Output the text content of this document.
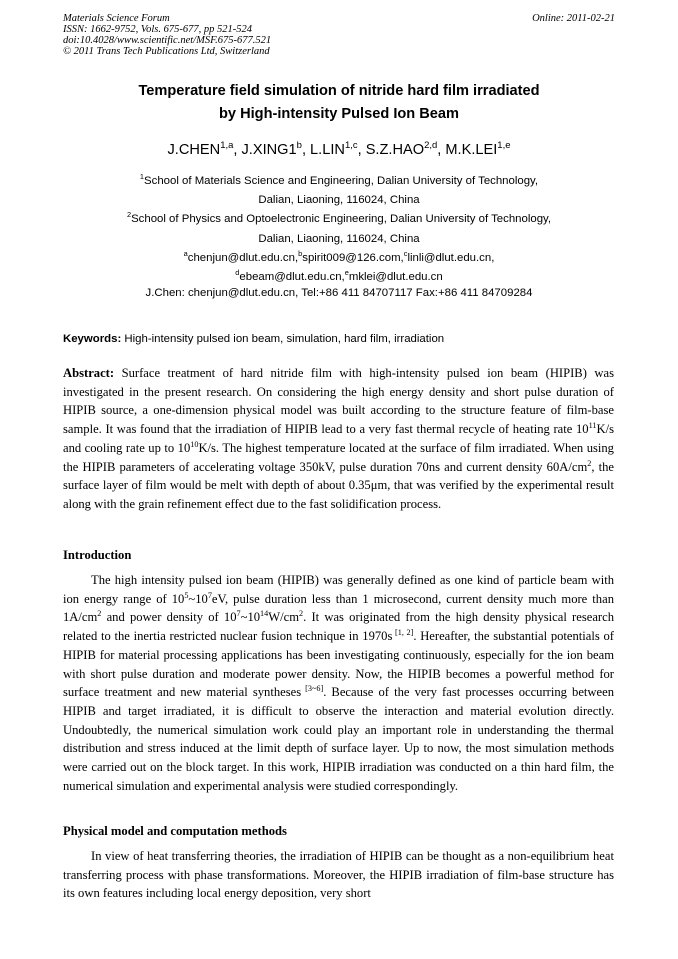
Materials Science Forum
ISSN: 1662-9752, Vols. 675-677, pp 521-524
doi:10.4028/www.scientific.net/MSF.675-677.521
© 2011 Trans Tech Publications Ltd, Switzerland
Online: 2011-02-21
Temperature field simulation of nitride hard film irradiated
by High-intensity Pulsed Ion Beam
J.CHEN$^{1,a}$, J.XING1$^b$, L.LIN$^{1,c}$, S.Z.HAO$^{2,d}$, M.K.LEI$^{1,e}$
$^1$School of Materials Science and Engineering, Dalian University of Technology,
Dalian, Liaoning, 116024, China
$^2$School of Physics and Optoelectronic Engineering, Dalian University of Technology,
Dalian, Liaoning, 116024, China
$^a$chenjun@dlut.edu.cn,$^b$spirit009@126.com,$^c$linli@dlut.edu.cn,
$^d$ebeam@dlut.edu.cn,$^e$mklei@dlut.edu.cn
J.Chen: chenjun@dlut.edu.cn, Tel:+86 411 84707117 Fax:+86 411 84709284
Keywords: High-intensity pulsed ion beam, simulation, hard film, irradiation

Abstract: Surface treatment of hard nitride film with high-intensity pulsed ion beam (HIPIB) was investigated in the present research. On considering the high energy density and short pulse duration of HIPIB source, a one-dimension physical model was built according to the structure feature of film-base sample. It was found that the irradiation of HIPIB lead to a very fast thermal recycle of heating rate $10^{11}K/s$ and cooling rate up to $10^{10}K/s$. The highest temperature located at the surface of film irradiated. When using the HIPIB parameters of accelerating voltage 350kV, pulse duration 70ns and current density $60A/cm^2$, the surface layer of film would be melt with depth of about 0.35μm, that was verified by the experimental result along with the grain refinement effect due to the fast solidification process.

Introduction

The high intensity pulsed ion beam (HIPIB) was generally defined as one kind of particle beam with ion energy range of $10^5\sim 10^7eV$, pulse duration less than 1 microsecond, current density much more than $1A/cm^2$ and power density of $10^7\sim 10^{14}W/cm^2$. It was originated from the high density physical research related to the inertia restricted nuclear fusion technique in 1970s [1, 2]. Hereafter, the substantial potentials of HIPIB for material processing applications has been investigating continuously, especially for the ion beam with short pulse duration and moderate power density. Now, the HIPIB becomes a powerful method for surface treatment and new material syntheses [3~6]. Because of the very fast processes occurring between HIPIB and target irradiated, it is difficult to observe the interaction and material evolution directly. Undoubtedly, the numerical simulation work could play an important role in understanding the thermal distribution and stress induced at the limit depth of surface layer. Up to now, the most simulation methods were carried out on the block target. In this work, HIPIB irradiation was conducted on a thin hard film, the numerical simulation and experimental analysis were studied correspondingly.

Physical model and computation methods

In view of heat transferring theories, the irradiation of HIPIB can be thought as a non-equilibrium heat transferring process with phase transformations. Moreover, the HIPIB irradiation of film-base structure has its own features including local energy deposition, very short
